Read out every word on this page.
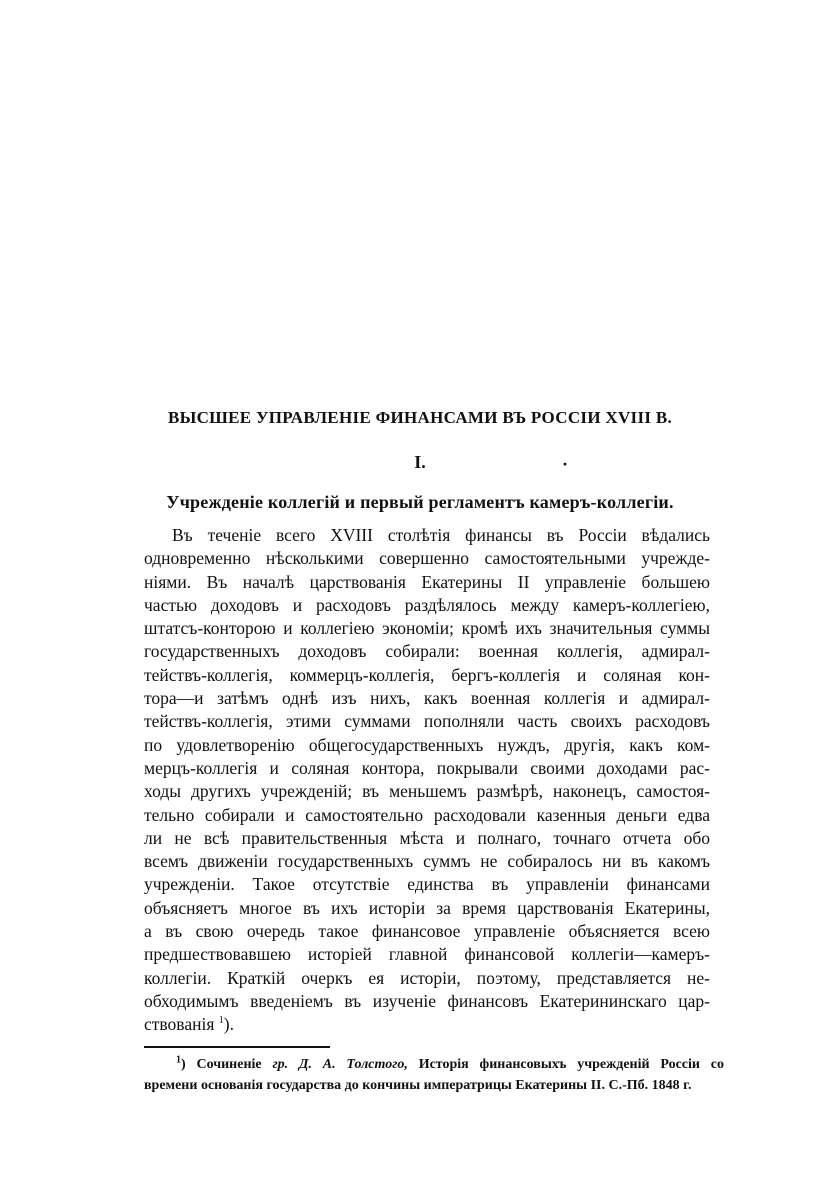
ВЫСШЕЕ УПРАВЛЕНІЕ ФИНАНСАМИ ВЪ РОССІИ XVIII В.
I.	·
Учрежденіе коллегій и первый регламентъ камеръ-коллегіи.
Въ теченіе всего XVIII столѣтія финансы въ Россіи вѣдались
одновременно нѣсколькими совершенно самостоятельными учрежде-
ніями. Въ началѣ царствованія Екатерины II управленіе большею
частью доходовъ и расходовъ раздѣлялось между камеръ-коллегіею,
штатсъ-конторою и коллегіею экономіи; кромѣ ихъ значительныя суммы
государственныхъ доходовъ собирали: военная коллегія, адмирал-
тействъ-коллегія, коммерцъ-коллегія, бергъ-коллегія и соляная кон-
тора—и затѣмъ однѣ изъ нихъ, какъ военная коллегія и адмирал-
тействъ-коллегія, этими суммами пополняли часть своихъ расходовъ
по удовлетворенію общегосударственныхъ нуждъ, другія, какъ ком-
мерцъ-коллегія и соляная контора, покрывали своими доходами рас-
ходы другихъ учрежденій; въ меньшемъ размѣрѣ, наконецъ, самостоя-
тельно собирали и самостоятельно расходовали казенныя деньги едва
ли не всѣ правительственныя мѣста и полнаго, точнаго отчета обо
всемъ движеніи государственныхъ суммъ не собиралось ни въ какомъ
учрежденіи. Такое отсутствіе единства въ управленіи финансами
объясняетъ многое въ ихъ исторіи за время царствованія Екатерины,
а въ свою очередь такое финансовое управленіе объясняется всею
предшествовавшею исторіей главной финансовой коллегіи—камеръ-
коллегіи. Краткій очеркъ ея исторіи, поэтому, представляется не-
обходимымъ введеніемъ въ изученіе финансовъ Екатерининскаго цар-
ствованія $^1$).
$^1$) Сочиненіе гр. Д. А. Толстого, Исторія финансовыхъ учрежденій Россіи со
времени основанія государства до кончины императрицы Екатерины II. С.-Пб. 1848 г.
